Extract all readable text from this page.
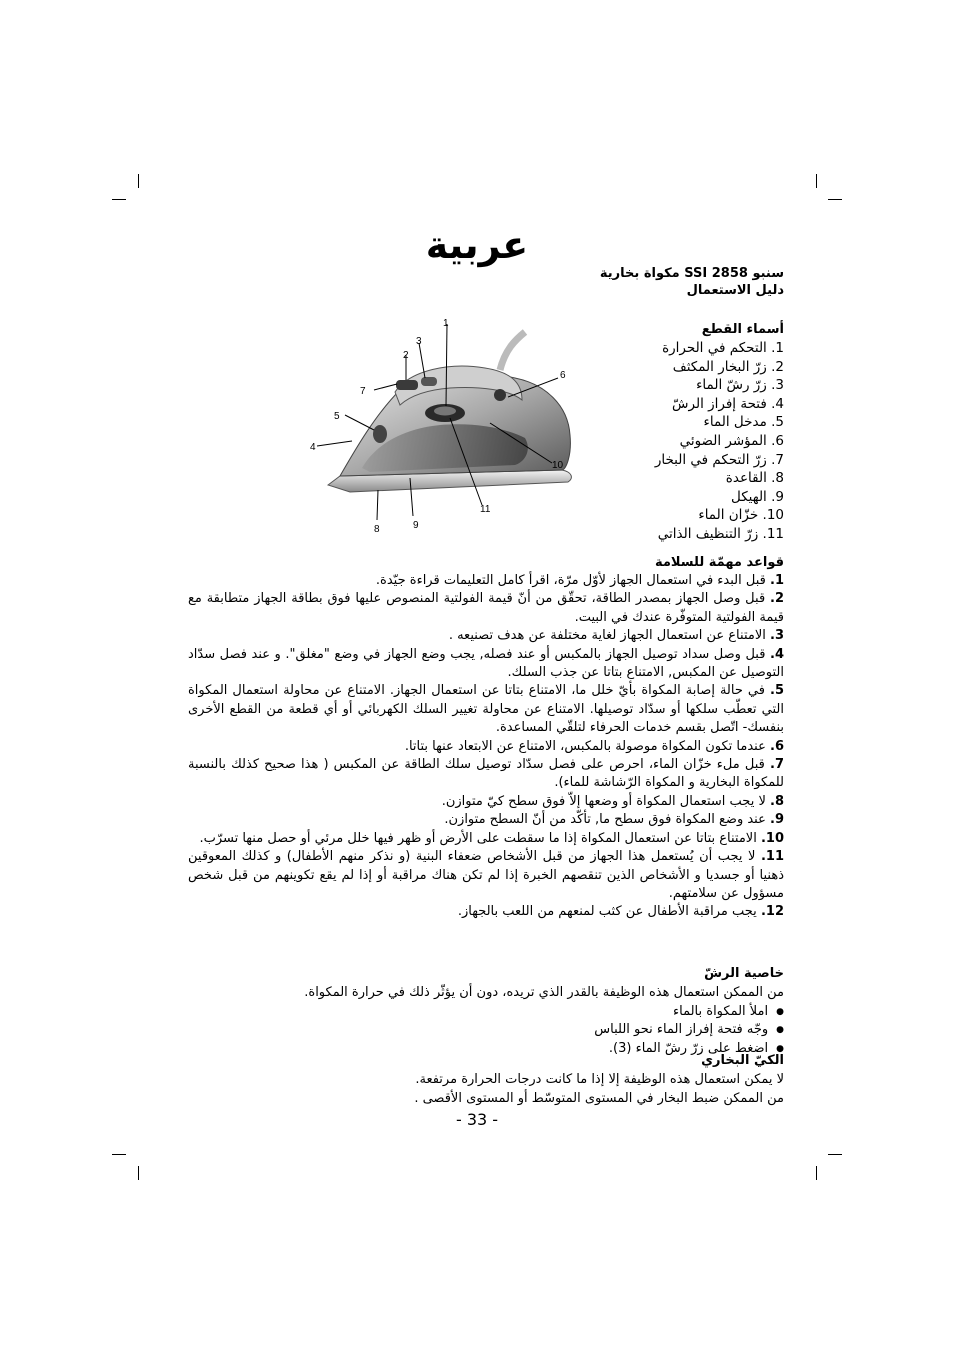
عربية
سنبو SSI 2858 مكواة بخارية
دليل الاستعمال
أسماء القطع
1. التحكم في الحرارة
2. زرّ البخار المكثف
3. زرّ رشّ الماء
4. فتحة إفراز الرشّ
5. مدخل الماء
6. المؤشر الضوئي
7. زرّ التحكم في البخار
8. القاعدة
9. الهيكل
10. خزّان الماء
11. زرّ التنظيف الذاتي
1
2
3
4
5
6
7
8	9
10
11
قواعد مهمّة للسلامة
1. قبل البدء في استعمال الجهاز لأوّل مرّة، اقرأ كامل التعليمات قراءة جيّدة.
2. قبل وصل الجهاز بمصدر الطاقة، تحقّق من أنّ قيمة الفولتية المنصوص عليها فوق بطاقة الجهاز متطابقة مع قيمة الفولتية المتوفّرة عندك في البيت.
3. الامتناع عن استعمال الجهاز لغاية مختلفة عن هدف تصنيعه .
4. قبل وصل سداد توصيل الجهاز بالمكبس أو عند فصله, يجب وضع الجهاز في وضع "مغلق". و عند فصل سدّاد التوصيل عن المكبس, الامتناع بتاتا عن جذب السلك.
5. في حالة إصابة المكواة بأيّ خلل ما، الامتناع بتاتا عن استعمال الجهاز. الامتناع عن محاولة استعمال المكواة التي تعطّب سلكها أو سدّاد توصيلها. الامتناع عن محاولة تغيير السلك الكهربائي أو أي قطعة من القطع الأخرى بنفسك- اتّصل بقسم خدمات الحرفاء لتلقّي المساعدة.
6. عندما تكون المكواة موصولة بالمكبس، الامتناع عن الابتعاد عنها بتاتا.
7. قبل ملء خزّان الماء، احرص على فصل سدّاد توصيل سلك الطاقة عن المكبس ( هذا صحيح كذلك بالنسبة للمكواة البخارية و المكواة الرّشاشة للماء).
8. لا يجب استعمال المكواة أو وضعها إلاّ فوق سطح كيّ متوازن.
9. عند وضع المكواة فوق سطح ما, تأكّد من أنّ السطح متوازن.
10. الامتناع بتاتا عن استعمال المكواة إذا ما سقطت على الأرض أو ظهر فيها خلل مرئي أو حصل منها تسرّب.
11. لا يجب أن يُستعمل هذا الجهاز من قبل الأشخاص ضعفاء البنية (و نذكر منهم الأطفال) و كذلك المعوقين ذهنيا أو جسديا و الأشخاص الذين تنقصهم الخبرة إذا لم تكن هناك مراقبة أو إذا لم يقع تكوينهم من قبل شخص مسؤول عن سلامتهم.
12. يجب مراقبة الأطفال عن كثب لمنعهم من اللعب بالجهاز.
خاصية الرشّ
من الممكن استعمال هذه الوظيفة بالقدر الذي تريده، دون أن يؤثّر ذلك في حرارة المكواة.
● املأ المكواة بالماء
● وجّه فتحة إفراز الماء نحو اللباس
● اضغط على زرّ رشّ الماء (3).
الكيّ البخاري
لا يمكن استعمال هذه الوظيفة إلا إذا ما كانت درجات الحرارة مرتفعة.
من الممكن ضبط البخار في المستوى المتوسّط أو المستوى الأقصى .
- 33 -
